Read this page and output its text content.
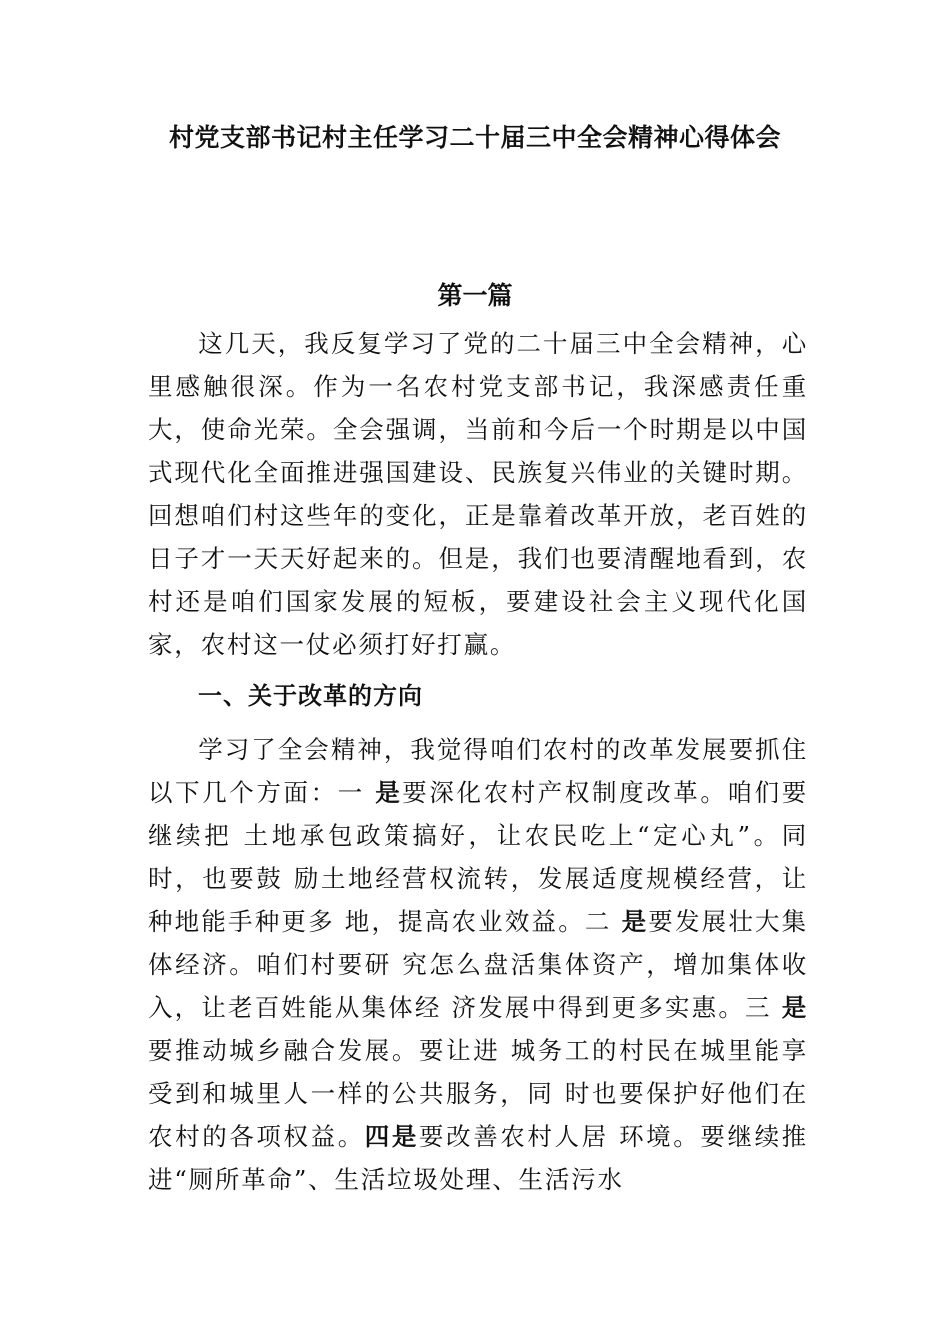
村党支部书记村主任学习二十届三中全会精神心得体会
第一篇

这几天，我反复学习了党的二十届三中全会精神，心里感触很深。作为一名农村党支部书记，我深感责任重大，使命光荣。全会强调，当前和今后一个时期是以中国式现代化全面推进强国建设、民族复兴伟业的关键时期。回想咱们村这些年的变化，正是靠着改革开放，老百姓的日子才一天天好起来的。但是，我们也要清醒地看到，农村还是咱们国家发展的短板，要建设社会主义现代化国家，农村这一仗必须打好打赢。

一、关于改革的方向

学习了全会精神，我觉得咱们农村的改革发展要抓住以下几个方面：一 是要深化农村产权制度改革。咱们要继续把 土地承包政策搞好，让农民吃上“定心丸”。同时，也要鼓 励土地经营权流转，发展适度规模经营，让种地能手种更多 地，提高农业效益。二 是要发展壮大集体经济。咱们村要研 究怎么盘活集体资产，增加集体收入，让老百姓能从集体经 济发展中得到更多实惠。三 是要推动城乡融合发展。要让进 城务工的村民在城里能享受到和城里人一样的公共服务，同 时也要保护好他们在农村的各项权益。四是要改善农村人居 环境。要继续推进“厕所革命”、生活垃圾处理、生活污水
